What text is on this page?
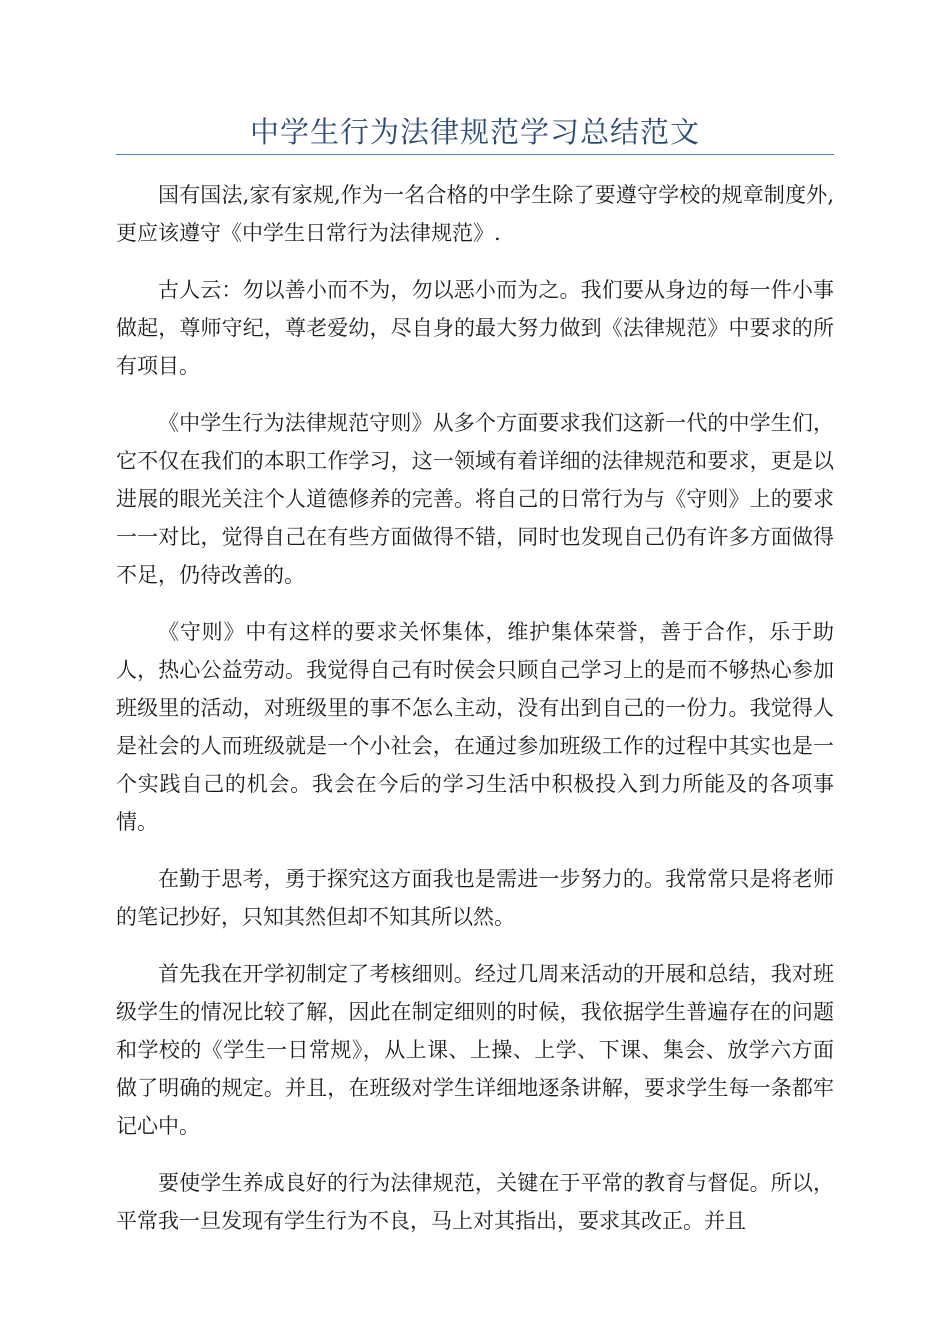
中学生行为法律规范学习总结范文

国有国法,家有家规,作为一名合格的中学生除了要遵守学校的规章制度外,更应该遵守《中学生日常行为法律规范》.

古人云：勿以善小而不为，勿以恶小而为之。我们要从身边的每一件小事做起，尊师守纪，尊老爱幼，尽自身的最大努力做到《法律规范》中要求的所有项目。

《中学生行为法律规范守则》从多个方面要求我们这新一代的中学生们，它不仅在我们的本职工作学习，这一领域有着详细的法律规范和要求，更是以进展的眼光关注个人道德修养的完善。将自己的日常行为与《守则》上的要求一一对比，觉得自己在有些方面做得不错，同时也发现自己仍有许多方面做得不足，仍待改善的。

《守则》中有这样的要求关怀集体，维护集体荣誉，善于合作，乐于助人，热心公益劳动。我觉得自己有时侯会只顾自己学习上的是而不够热心参加班级里的活动，对班级里的事不怎么主动，没有出到自己的一份力。我觉得人是社会的人而班级就是一个小社会，在通过参加班级工作的过程中其实也是一个实践自己的机会。我会在今后的学习生活中积极投入到力所能及的各项事情。

在勤于思考，勇于探究这方面我也是需进一步努力的。我常常只是将老师的笔记抄好，只知其然但却不知其所以然。

首先我在开学初制定了考核细则。经过几周来活动的开展和总结，我对班级学生的情况比较了解，因此在制定细则的时候，我依据学生普遍存在的问题和学校的《学生一日常规》，从上课、上操、上学、下课、集会、放学六方面做了明确的规定。并且，在班级对学生详细地逐条讲解，要求学生每一条都牢记心中。

要使学生养成良好的行为法律规范，关键在于平常的教育与督促。所以，平常我一旦发现有学生行为不良，马上对其指出，要求其改正。并且
